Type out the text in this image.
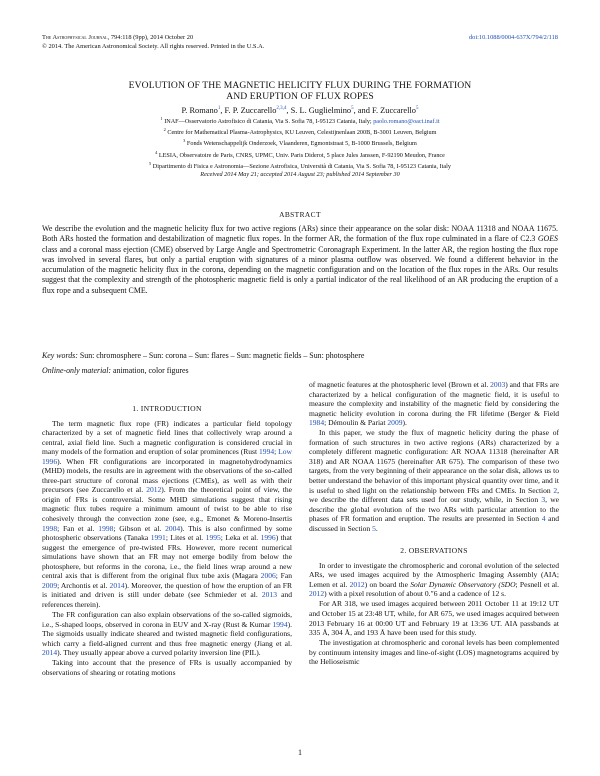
The Astrophysical Journal, 794:118 (9pp), 2014 October 20
© 2014. The American Astronomical Society. All rights reserved. Printed in the U.S.A.
doi:10.1088/0004-637X/794/2/118
EVOLUTION OF THE MAGNETIC HELICITY FLUX DURING THE FORMATION
AND ERUPTION OF FLUX ROPES
P. Romano$^1$, F. P. Zuccarello$^{2,3,4}$, S. L. Guglielmino$^5$, and F. Zuccarello$^5$
$^1$ INAF—Osservatorio Astrofisico di Catania, Via S. Sofia 78, I-95123 Catania, Italy; paolo.romano@oact.inaf.it
$^2$ Centre for Mathematical Plasma-Astrophysics, KU Leuven, Celestijnenlaan 200B, B-3001 Leuven, Belgium
$^3$ Fonds Wetenschappelijk Onderzoek, Vlaanderen, Egmontstraat 5, B-1000 Brussels, Belgium
$^4$ LESIA, Observatoire de Paris, CNRS, UPMC, Univ. Paris Diderot, 5 place Jules Janssen, F-92190 Meudon, France
$^5$ Dipartimento di Fisica e Astronomia—Sezione Astrofisica, Università di Catania, Via S. Sofia 78, I-95123 Catania, Italy
Received 2014 May 21; accepted 2014 August 23; published 2014 September 30
ABSTRACT
We describe the evolution and the magnetic helicity flux for two active regions (ARs) since their appearance on the solar disk: NOAA 11318 and NOAA 11675. Both ARs hosted the formation and destabilization of magnetic flux ropes. In the former AR, the formation of the flux rope culminated in a flare of C2.3 GOES class and a coronal mass ejection (CME) observed by Large Angle and Spectrometric Coronagraph Experiment. In the latter AR, the region hosting the flux rope was involved in several flares, but only a partial eruption with signatures of a minor plasma outflow was observed. We found a different behavior in the accumulation of the magnetic helicity flux in the corona, depending on the magnetic configuration and on the location of the flux ropes in the ARs. Our results suggest that the complexity and strength of the photospheric magnetic field is only a partial indicator of the real likelihood of an AR producing the eruption of a flux rope and a subsequent CME.
Key words: Sun: chromosphere – Sun: corona – Sun: flares – Sun: magnetic fields – Sun: photosphere
Online-only material: animation, color figures
1. INTRODUCTION

The term magnetic flux rope (FR) indicates a particular field topology characterized by a set of magnetic field lines that collectively wrap around a central, axial field line. Such a magnetic configuration is considered crucial in many models of the formation and eruption of solar prominences (Rust 1994; Low 1996). When FR configurations are incorporated in magnetohydrodynamics (MHD) models, the results are in agreement with the observations of the so-called three-part structure of coronal mass ejections (CMEs), as well as with their precursors (see Zuccarello et al. 2012). From the theoretical point of view, the origin of FRs is controversial. Some MHD simulations suggest that rising magnetic flux tubes require a minimum amount of twist to be able to rise cohesively through the convection zone (see, e.g., Emonet & Moreno-Insertis 1998; Fan et al. 1998; Gibson et al. 2004). This is also confirmed by some photospheric observations (Tanaka 1991; Lites et al. 1995; Leka et al. 1996) that suggest the emergence of pre-twisted FRs. However, more recent numerical simulations have shown that an FR may not emerge bodily from below the photosphere, but reforms in the corona, i.e., the field lines wrap around a new central axis that is different from the original flux tube axis (Magara 2006; Fan 2009; Archontis et al. 2014). Moreover, the question of how the eruption of an FR is initiated and driven is still under debate (see Schmieder et al. 2013 and references therein).

The FR configuration can also explain observations of the so-called sigmoids, i.e., S-shaped loops, observed in corona in EUV and X-ray (Rust & Kumar 1994). The sigmoids usually indicate sheared and twisted magnetic field configurations, which carry a field-aligned current and thus free magnetic energy (Jiang et al. 2014). They usually appear above a curved polarity inversion line (PIL).

Taking into account that the presence of FRs is usually accompanied by observations of shearing or rotating motions

of magnetic features at the photospheric level (Brown et al. 2003) and that FRs are characterized by a helical configuration of the magnetic field, it is useful to measure the complexity and instability of the magnetic field by considering the magnetic helicity evolution in corona during the FR lifetime (Berger & Field 1984; Démoulin & Pariat 2009).

In this paper, we study the flux of magnetic helicity during the phase of formation of such structures in two active regions (ARs) characterized by a completely different magnetic configuration: AR NOAA 11318 (hereinafter AR 318) and AR NOAA 11675 (hereinafter AR 675). The comparison of these two targets, from the very beginning of their appearance on the solar disk, allows us to better understand the behavior of this important physical quantity over time, and it is useful to shed light on the relationship between FRs and CMEs. In Section 2, we describe the different data sets used for our study, while, in Section 3, we describe the global evolution of the two ARs with particular attention to the phases of FR formation and eruption. The results are presented in Section 4 and discussed in Section 5.

2. OBSERVATIONS

In order to investigate the chromospheric and coronal evolution of the selected ARs, we used images acquired by the Atmospheric Imaging Assembly (AIA; Lemen et al. 2012) on board the Solar Dynamic Observatory (SDO; Pesnell et al. 2012) with a pixel resolution of about 0.″6 and a cadence of 12 s.

For AR 318, we used images acquired between 2011 October 11 at 19:12 UT and October 15 at 23:48 UT, while, for AR 675, we used images acquired between 2013 February 16 at 00:00 UT and February 19 at 13:36 UT. AIA passbands at 335 Å, 304 Å, and 193 Å have been used for this study.

The investigation at chromospheric and coronal levels has been complemented by continuum intensity images and line-of-sight (LOS) magnetograms acquired by the Helioseismic

1
